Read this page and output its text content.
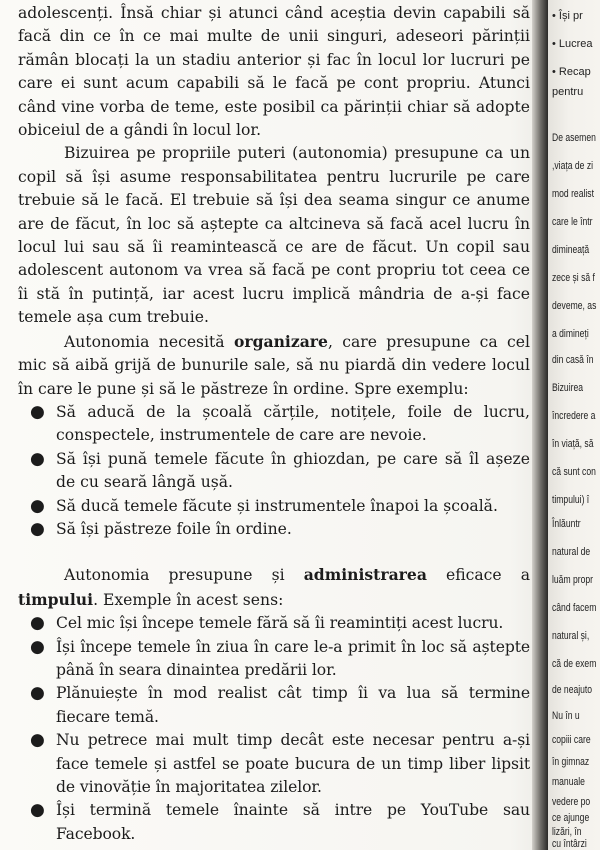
adolescenți. Însă chiar și atunci când aceștia devin capabili să facă din ce în ce mai multe de unii singuri, adeseori părinții rămân blocați la un stadiu anterior și fac în locul lor lucruri pe care ei sunt acum capabili să le facă pe cont propriu. Atunci când vine vorba de teme, este posibil ca părinții chiar să adopte obiceiul de a gândi în locul lor.

Bizuirea pe propriile puteri (autonomia) presupune ca un copil să își asume responsabilitatea pentru lucrurile pe care trebuie să le facă. El trebuie să își dea seama singur ce anume are de făcut, în loc să aștepte ca altcineva să facă acel lucru în locul lui sau să îi reamintească ce are de făcut. Un copil sau adolescent autonom va vrea să facă pe cont propriu tot ceea ce îi stă în putință, iar acest lucru implică mândria de a-și face temele așa cum trebuie.

Autonomia necesită organizare, care presupune ca cel mic să aibă grijă de bunurile sale, să nu piardă din vedere locul în care le pune și să le păstreze în ordine. Spre exemplu:

● Să aducă de la școală cărțile, notițele, foile de lucru, conspectele, instrumentele de care are nevoie.
● Să își pună temele făcute în ghiozdan, pe care să îl așeze de cu seară lângă ușă.
● Să ducă temele făcute și instrumentele înapoi la școală.
● Să își păstreze foile în ordine.

Autonomia presupune și administrarea eficace a timpului. Exemple în acest sens:

● Cel mic își începe temele fără să îi reamintiți acest lucru.
● Își începe temele în ziua în care le-a primit în loc să aștepte până în seara dinaintea predării lor.
● Plănuiește în mod realist cât timp îi va lua să termine fiecare temă.
● Nu petrece mai mult timp decât este necesar pentru a-și face temele și astfel se poate bucura de un timp liber lipsit de vinovăție în majoritatea zilelor.
● Își termină temele înainte să intre pe YouTube sau Facebook.
• Își pr
• Lucrea
• Recap
pentru
De asemen
,viața de zi
mod realist
care le într
dimineață
zece și să f
deveme, as
a dimineți
din casă în
Bizuirea
încredere a
în viață, să
că sunt con
timpului) î
Înlăuntr
natural de
luăm propr
când facem
natural și,
că de exem
de neajuto
Nu în u
copiii care
în gimnaz
manuale
vedere po
ce ajunge
lizări, în
cu întârzi
